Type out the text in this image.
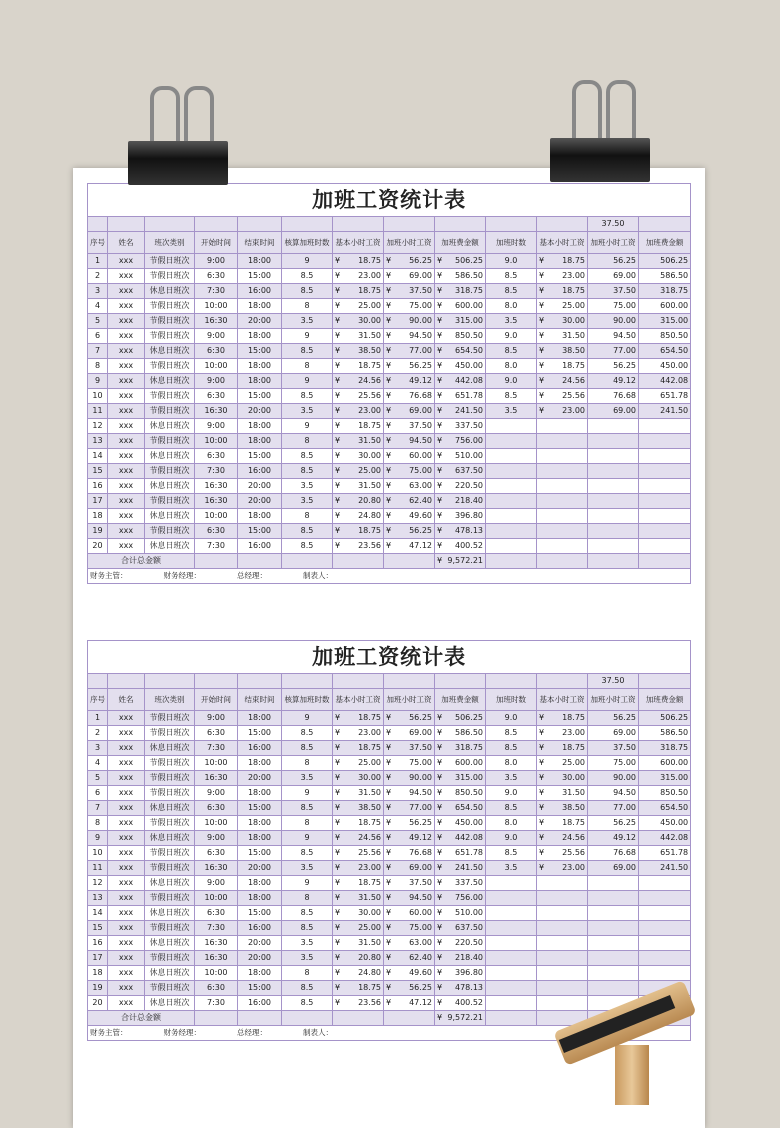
加班工资统计表												
											37.50	
序号	姓名	班次类别	开始时间	结束时间	核算加班时数	基本小时工资	加班小时工资	加班费金额	加班时数	基本小时工资	加班小时工资	加班费金额
1	xxx	节假日班次	9:00	18:00	9	¥ 18.75	¥ 56.25	¥ 506.25	9.0	¥ 18.75	56.25	506.25
2	xxx	节假日班次	6:30	15:00	8.5	¥ 23.00	¥ 69.00	¥ 586.50	8.5	¥ 23.00	69.00	586.50
3	xxx	休息日班次	7:30	16:00	8.5	¥ 18.75	¥ 37.50	¥ 318.75	8.5	¥ 18.75	37.50	318.75
4	xxx	节假日班次	10:00	18:00	8	¥ 25.00	¥ 75.00	¥ 600.00	8.0	¥ 25.00	75.00	600.00
5	xxx	节假日班次	16:30	20:00	3.5	¥ 30.00	¥ 90.00	¥ 315.00	3.5	¥ 30.00	90.00	315.00
6	xxx	节假日班次	9:00	18:00	9	¥ 31.50	¥ 94.50	¥ 850.50	9.0	¥ 31.50	94.50	850.50
7	xxx	休息日班次	6:30	15:00	8.5	¥ 38.50	¥ 77.00	¥ 654.50	8.5	¥ 38.50	77.00	654.50
8	xxx	节假日班次	10:00	18:00	8	¥ 18.75	¥ 56.25	¥ 450.00	8.0	¥ 18.75	56.25	450.00
9	xxx	休息日班次	9:00	18:00	9	¥ 24.56	¥ 49.12	¥ 442.08	9.0	¥ 24.56	49.12	442.08
10	xxx	节假日班次	6:30	15:00	8.5	¥ 25.56	¥ 76.68	¥ 651.78	8.5	¥ 25.56	76.68	651.78
11	xxx	节假日班次	16:30	20:00	3.5	¥ 23.00	¥ 69.00	¥ 241.50	3.5	¥ 23.00	69.00	241.50
12	xxx	休息日班次	9:00	18:00	9	¥ 18.75	¥ 37.50	¥ 337.50				
13	xxx	节假日班次	10:00	18:00	8	¥ 31.50	¥ 94.50	¥ 756.00				
14	xxx	休息日班次	6:30	15:00	8.5	¥ 30.00	¥ 60.00	¥ 510.00				
15	xxx	节假日班次	7:30	16:00	8.5	¥ 25.00	¥ 75.00	¥ 637.50				
16	xxx	休息日班次	16:30	20:00	3.5	¥ 31.50	¥ 63.00	¥ 220.50				
17	xxx	节假日班次	16:30	20:00	3.5	¥ 20.80	¥ 62.40	¥ 218.40				
18	xxx	休息日班次	10:00	18:00	8	¥ 24.80	¥ 49.60	¥ 396.80				
19	xxx	节假日班次	6:30	15:00	8.5	¥ 18.75	¥ 56.25	¥ 478.13				
20	xxx	休息日班次	7:30	16:00	8.5	¥ 23.56	¥ 47.12	¥ 400.52				
合计总金额								¥ 9,572.21				
财务主管： 财务经理： 总经理： 制表人：												
加班工资统计表												
											37.50	
序号	姓名	班次类别	开始时间	结束时间	核算加班时数	基本小时工资	加班小时工资	加班费金额	加班时数	基本小时工资	加班小时工资	加班费金额
1	xxx	节假日班次	9:00	18:00	9	¥ 18.75	¥ 56.25	¥ 506.25	9.0	¥ 18.75	56.25	506.25
2	xxx	节假日班次	6:30	15:00	8.5	¥ 23.00	¥ 69.00	¥ 586.50	8.5	¥ 23.00	69.00	586.50
3	xxx	休息日班次	7:30	16:00	8.5	¥ 18.75	¥ 37.50	¥ 318.75	8.5	¥ 18.75	37.50	318.75
4	xxx	节假日班次	10:00	18:00	8	¥ 25.00	¥ 75.00	¥ 600.00	8.0	¥ 25.00	75.00	600.00
5	xxx	节假日班次	16:30	20:00	3.5	¥ 30.00	¥ 90.00	¥ 315.00	3.5	¥ 30.00	90.00	315.00
6	xxx	节假日班次	9:00	18:00	9	¥ 31.50	¥ 94.50	¥ 850.50	9.0	¥ 31.50	94.50	850.50
7	xxx	休息日班次	6:30	15:00	8.5	¥ 38.50	¥ 77.00	¥ 654.50	8.5	¥ 38.50	77.00	654.50
8	xxx	节假日班次	10:00	18:00	8	¥ 18.75	¥ 56.25	¥ 450.00	8.0	¥ 18.75	56.25	450.00
9	xxx	休息日班次	9:00	18:00	9	¥ 24.56	¥ 49.12	¥ 442.08	9.0	¥ 24.56	49.12	442.08
10	xxx	节假日班次	6:30	15:00	8.5	¥ 25.56	¥ 76.68	¥ 651.78	8.5	¥ 25.56	76.68	651.78
11	xxx	节假日班次	16:30	20:00	3.5	¥ 23.00	¥ 69.00	¥ 241.50	3.5	¥ 23.00	69.00	241.50
12	xxx	休息日班次	9:00	18:00	9	¥ 18.75	¥ 37.50	¥ 337.50				
13	xxx	节假日班次	10:00	18:00	8	¥ 31.50	¥ 94.50	¥ 756.00				
14	xxx	休息日班次	6:30	15:00	8.5	¥ 30.00	¥ 60.00	¥ 510.00				
15	xxx	节假日班次	7:30	16:00	8.5	¥ 25.00	¥ 75.00	¥ 637.50				
16	xxx	休息日班次	16:30	20:00	3.5	¥ 31.50	¥ 63.00	¥ 220.50				
17	xxx	节假日班次	16:30	20:00	3.5	¥ 20.80	¥ 62.40	¥ 218.40				
18	xxx	休息日班次	10:00	18:00	8	¥ 24.80	¥ 49.60	¥ 396.80				
19	xxx	节假日班次	6:30	15:00	8.5	¥ 18.75	¥ 56.25	¥ 478.13				
20	xxx	休息日班次	7:30	16:00	8.5	¥ 23.56	¥ 47.12	¥ 400.52				
合计总金额								¥ 9,572.21				
财务主管： 财务经理： 总经理： 制表人：												
